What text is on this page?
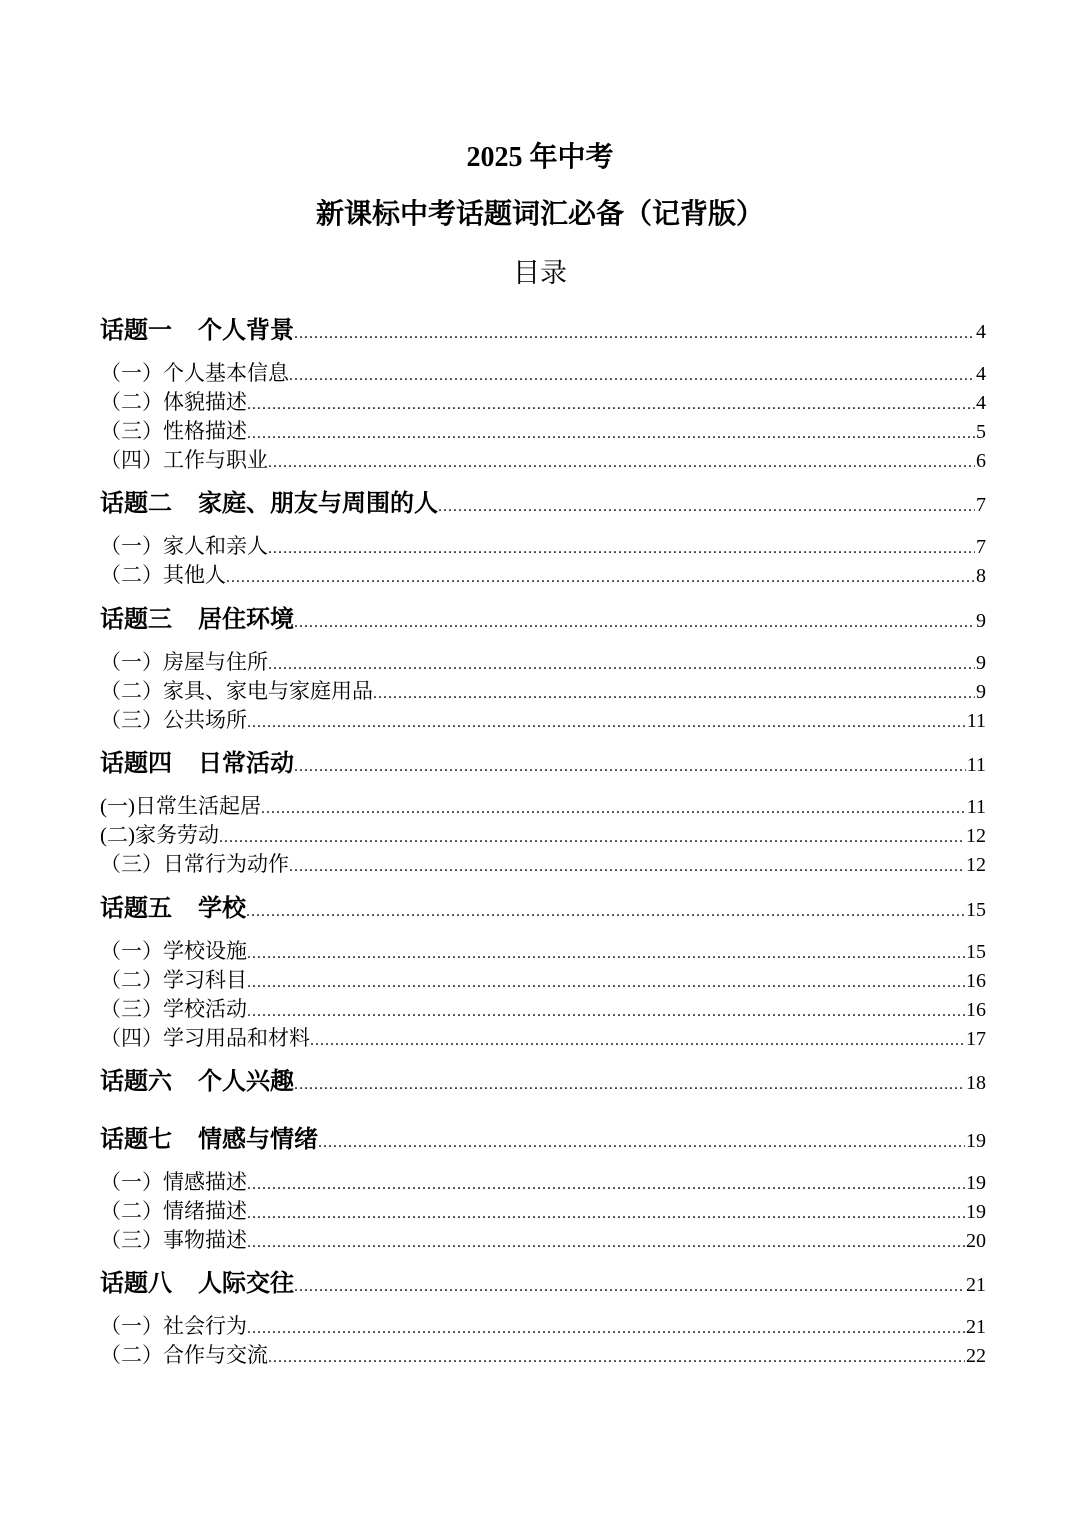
2025 年中考
新课标中考话题词汇必备（记背版）
目录
话题一 个人背景 .....	4
（一）个人基本信息 .....	4
（二）体貌描述 .....	4
（三）性格描述 .....	5
（四）工作与职业 .....	6
话题二 家庭、朋友与周围的人 .....	7
（一）家人和亲人 .....	7
（二）其他人 .....	8
话题三 居住环境 .....	9
（一）房屋与住所 .....	9
（二）家具、家电与家庭用品 .....	9
（三）公共场所 .....	11
话题四 日常活动 .....	11
(一)日常生活起居 .....	11
(二)家务劳动 .....	12
（三）日常行为动作 .....	12
话题五 学校 .....	15
（一）学校设施 .....	15
（二）学习科目 .....	16
（三）学校活动 .....	16
（四）学习用品和材料 .....	17
话题六 个人兴趣 .....	18
话题七 情感与情绪 .....	19
（一）情感描述 .....	19
（二）情绪描述 .....	19
（三）事物描述 .....	20
话题八 人际交往 .....	21
（一）社会行为 .....	21
（二）合作与交流 .....	22
